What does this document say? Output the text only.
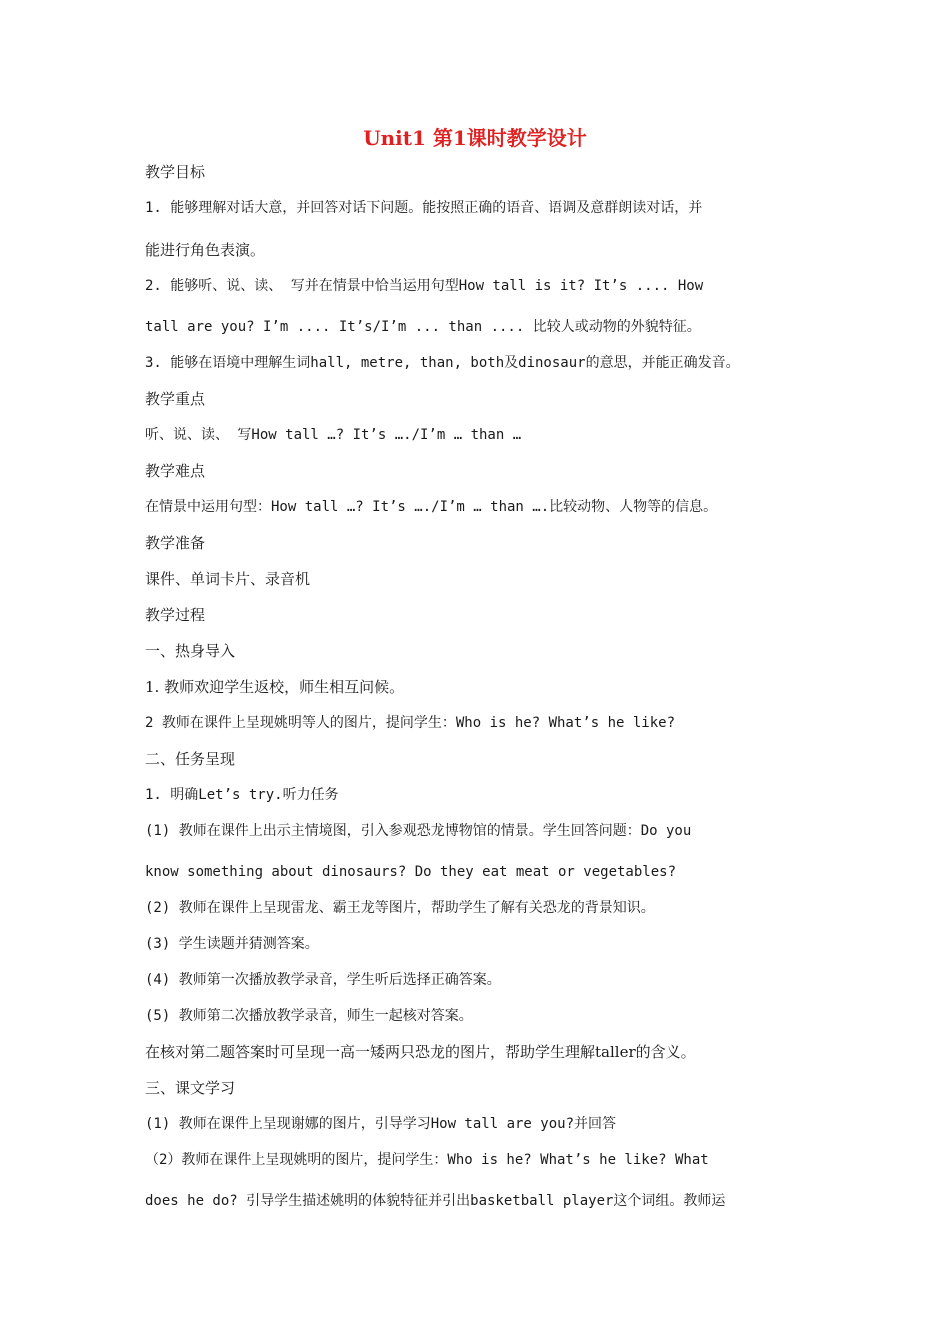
Unit1 第1课时教学设计
教学目标
1. 能够理解对话大意，并回答对话下问题。能按照正确的语音、语调及意群朗读对话，并
能进行角色表演。
2. 能够听、说、读、 写并在情景中恰当运用句型How tall is it? It’s .... How
tall are you? I’m .... It’s/I’m ... than .... 比较人或动物的外貌特征。
3. 能够在语境中理解生词hall, metre, than, both及dinosaur的意思，并能正确发音。
教学重点
听、说、读、 写How tall …? It’s …./I’m … than …
教学难点
在情景中运用句型：How tall …? It’s …./I’m … than ….比较动物、人物等的信息。
教学准备
课件、单词卡片、录音机
教学过程
一、热身导入
1. 教师欢迎学生返校，师生相互问候。
2 教师在课件上呈现姚明等人的图片，提问学生：Who is he? What’s he like?
二、任务呈现
1. 明确Let’s try.听力任务
(1) 教师在课件上出示主情境图，引入参观恐龙博物馆的情景。学生回答问题：Do you
know something about dinosaurs? Do they eat meat or vegetables?
(2) 教师在课件上呈现雷龙、霸王龙等图片，帮助学生了解有关恐龙的背景知识。
(3) 学生读题并猜测答案。
(4) 教师第一次播放教学录音，学生听后选择正确答案。
(5) 教师第二次播放教学录音，师生一起核对答案。
在核对第二题答案时可呈现一高一矮两只恐龙的图片，帮助学生理解taller的含义。
三、课文学习
(1) 教师在课件上呈现谢娜的图片，引导学习How tall are you?并回答
（2）教师在课件上呈现姚明的图片，提问学生：Who is he? What’s he like? What
does he do? 引导学生描述姚明的体貌特征并引出basketball player这个词组。教师运
